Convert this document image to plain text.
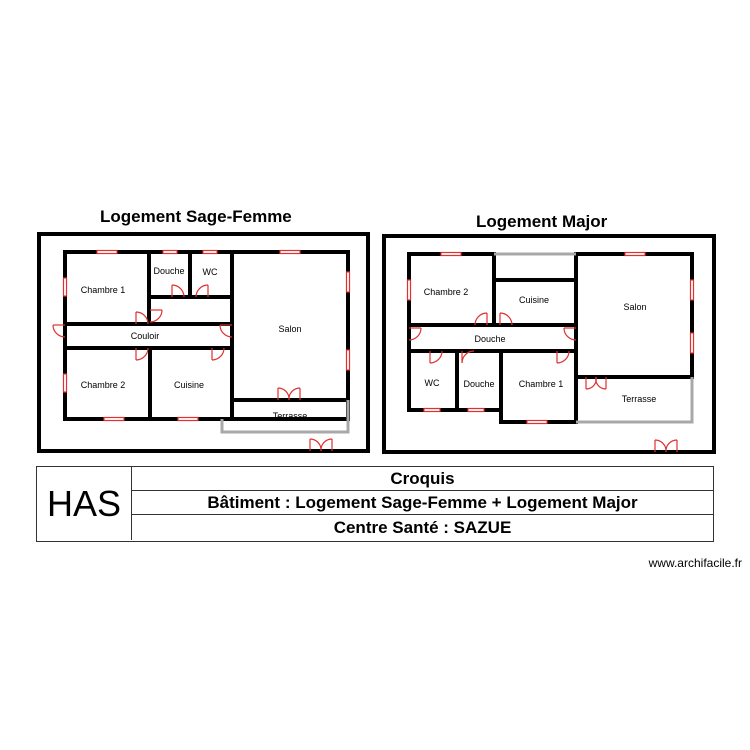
Logement Sage-Femme	Logement Major
Chambre 1
Douche WC
Salon
Couloir
Chambre 2	Cuisine
Terrasse
Chambre 2
Cuisine
Salon
Douche
WC	Douche	Chambre 1
Terrasse
HAS
Croquis
Bâtiment : Logement Sage-Femme + Logement Major
Centre Santé : SAZUE
www.archifacile.fr
